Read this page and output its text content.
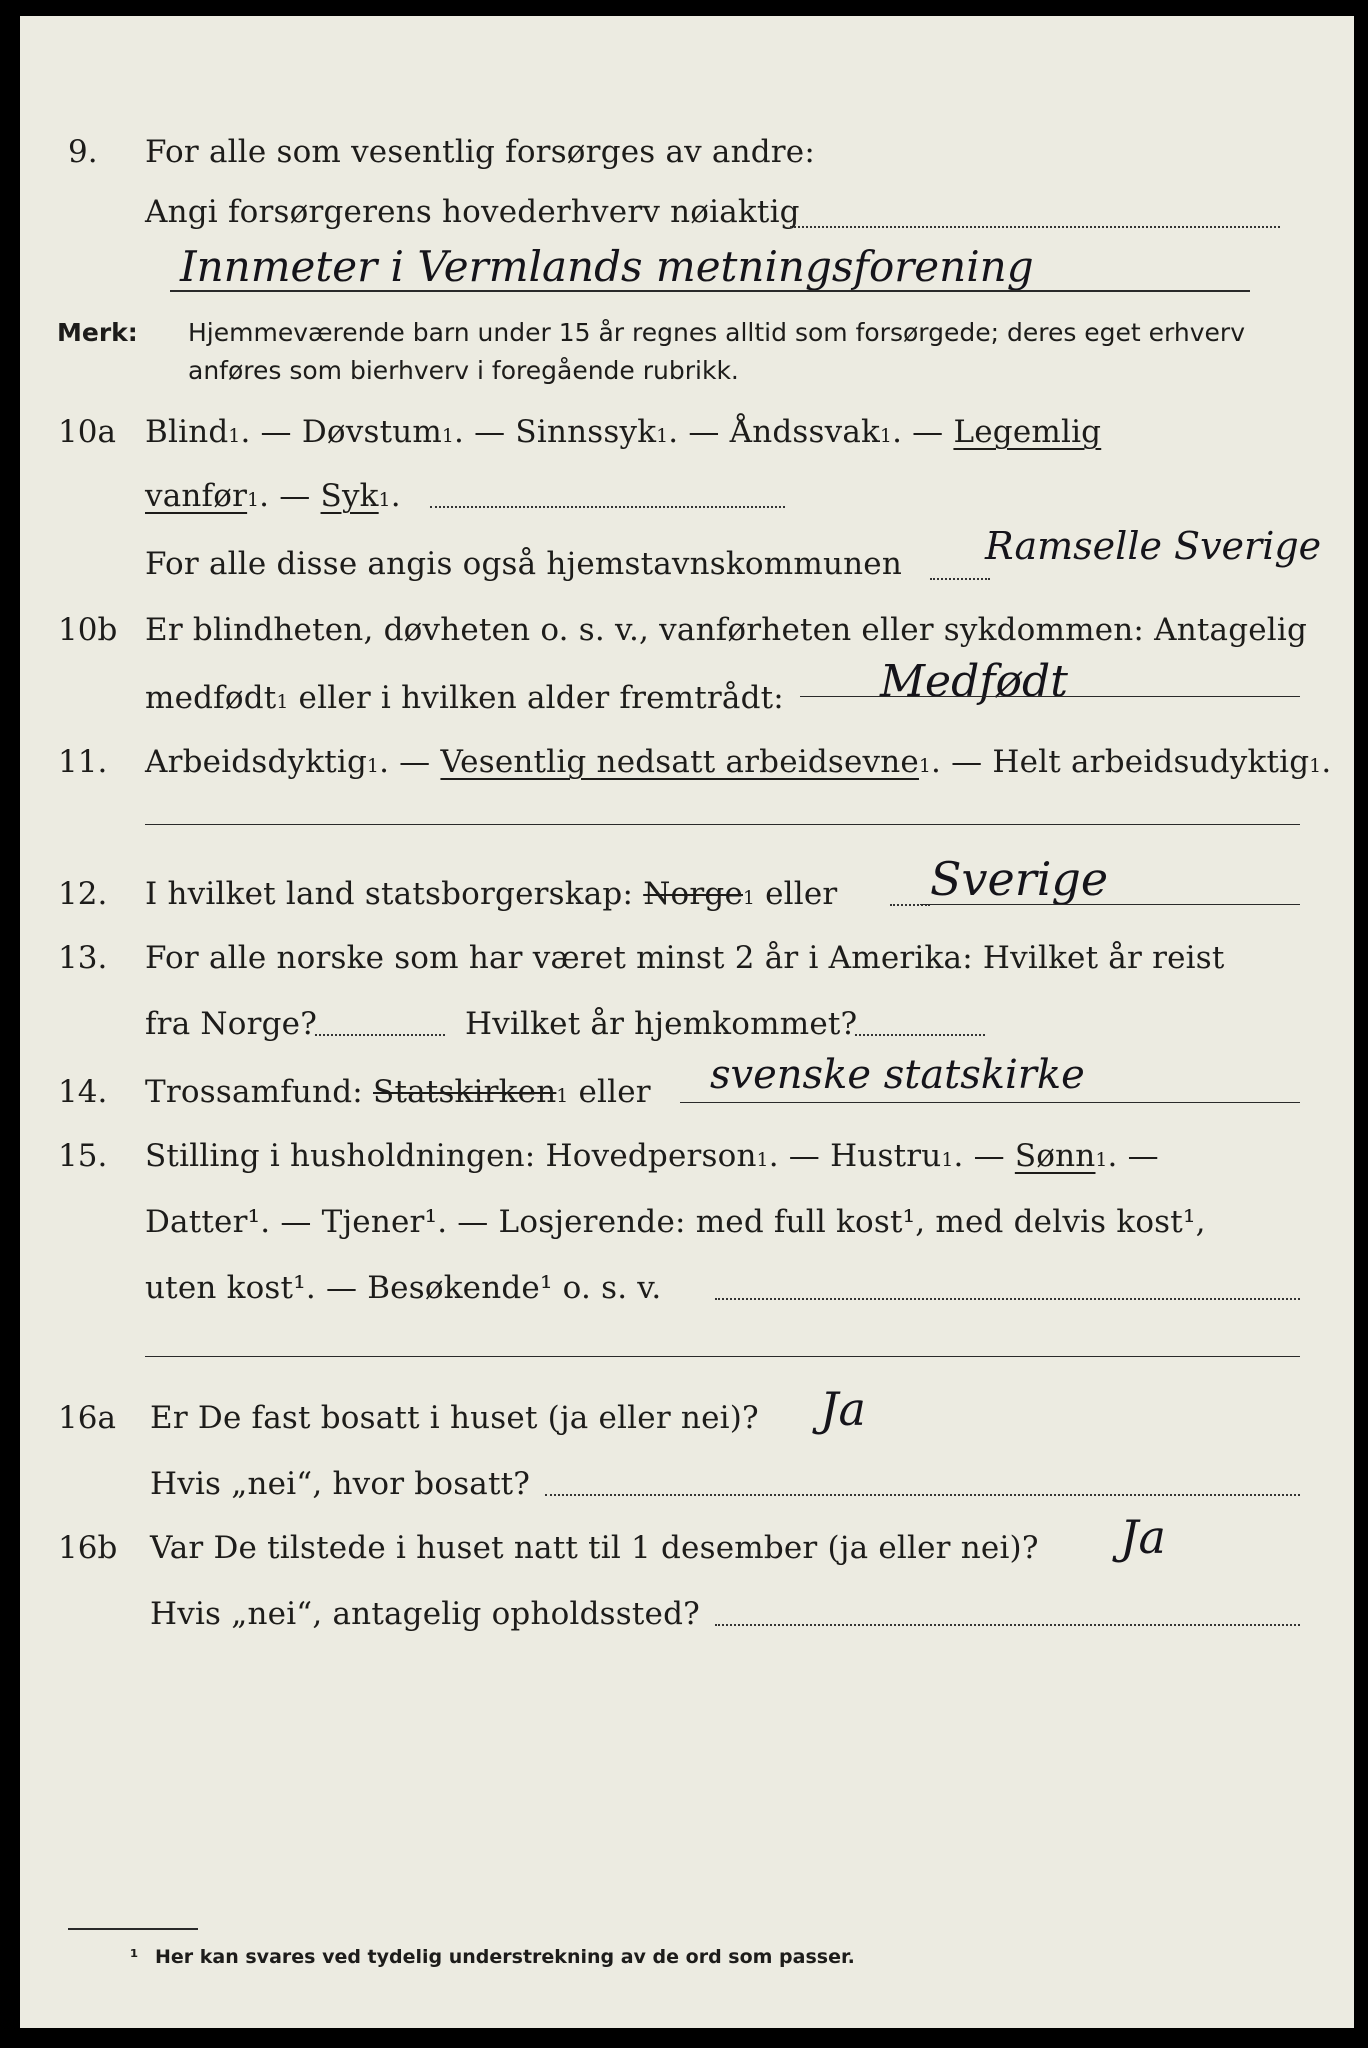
9. For alle som vesentlig forsørges av andre:
Angi forsørgerens hovederhverv nøiaktig
Innmeter i Vermlands metningsforening
Merk: Hjemmeværende barn under 15 år regnes alltid som forsørgede; deres eget erhverv
anføres som bierhverv i foregående rubrikk.
10a Blind$^1$. — Døvstum$^1$. — Sinnssyk$^1$. — Åndssvak$^1$. — Legemlig
vanfør$^1$. — Syk$^1$.
For alle disse angis også hjemstavnskommunen Ramselle Sverige
10b Er blindheten, døvheten o. s. v., vanførheten eller sykdommen: Antagelig
medfødt$^1$ eller i hvilken alder fremtrådt: Medfødt
11. Arbeidsdyktig$^1$. — Vesentlig nedsatt arbeidsevne$^1$. — Helt arbeidsudyktig$^1$.
12. I hvilket land statsborgerskap: Norge$^1$ eller Sverige
13. For alle norske som har været minst 2 år i Amerika: Hvilket år reist
fra Norge?	Hvilket år hjemkommet?
14. Trossamfund: Statskirken$^1$ eller svenske statskirke
15. Stilling i husholdningen: Hovedperson$^1$. — Hustru$^1$. — Sønn$^1$. —
Datter¹. — Tjener¹. — Losjerende: med full kost¹, med delvis kost¹,
uten kost¹. — Besøkende¹ o. s. v.
16a Er De fast bosatt i huset (ja eller nei)? Ja
Hvis „nei“, hvor bosatt?
16b Var De tilstede i huset natt til 1 desember (ja eller nei)? Ja
Hvis „nei“, antagelig opholdssted?
¹ Her kan svares ved tydelig understrekning av de ord som passer.
